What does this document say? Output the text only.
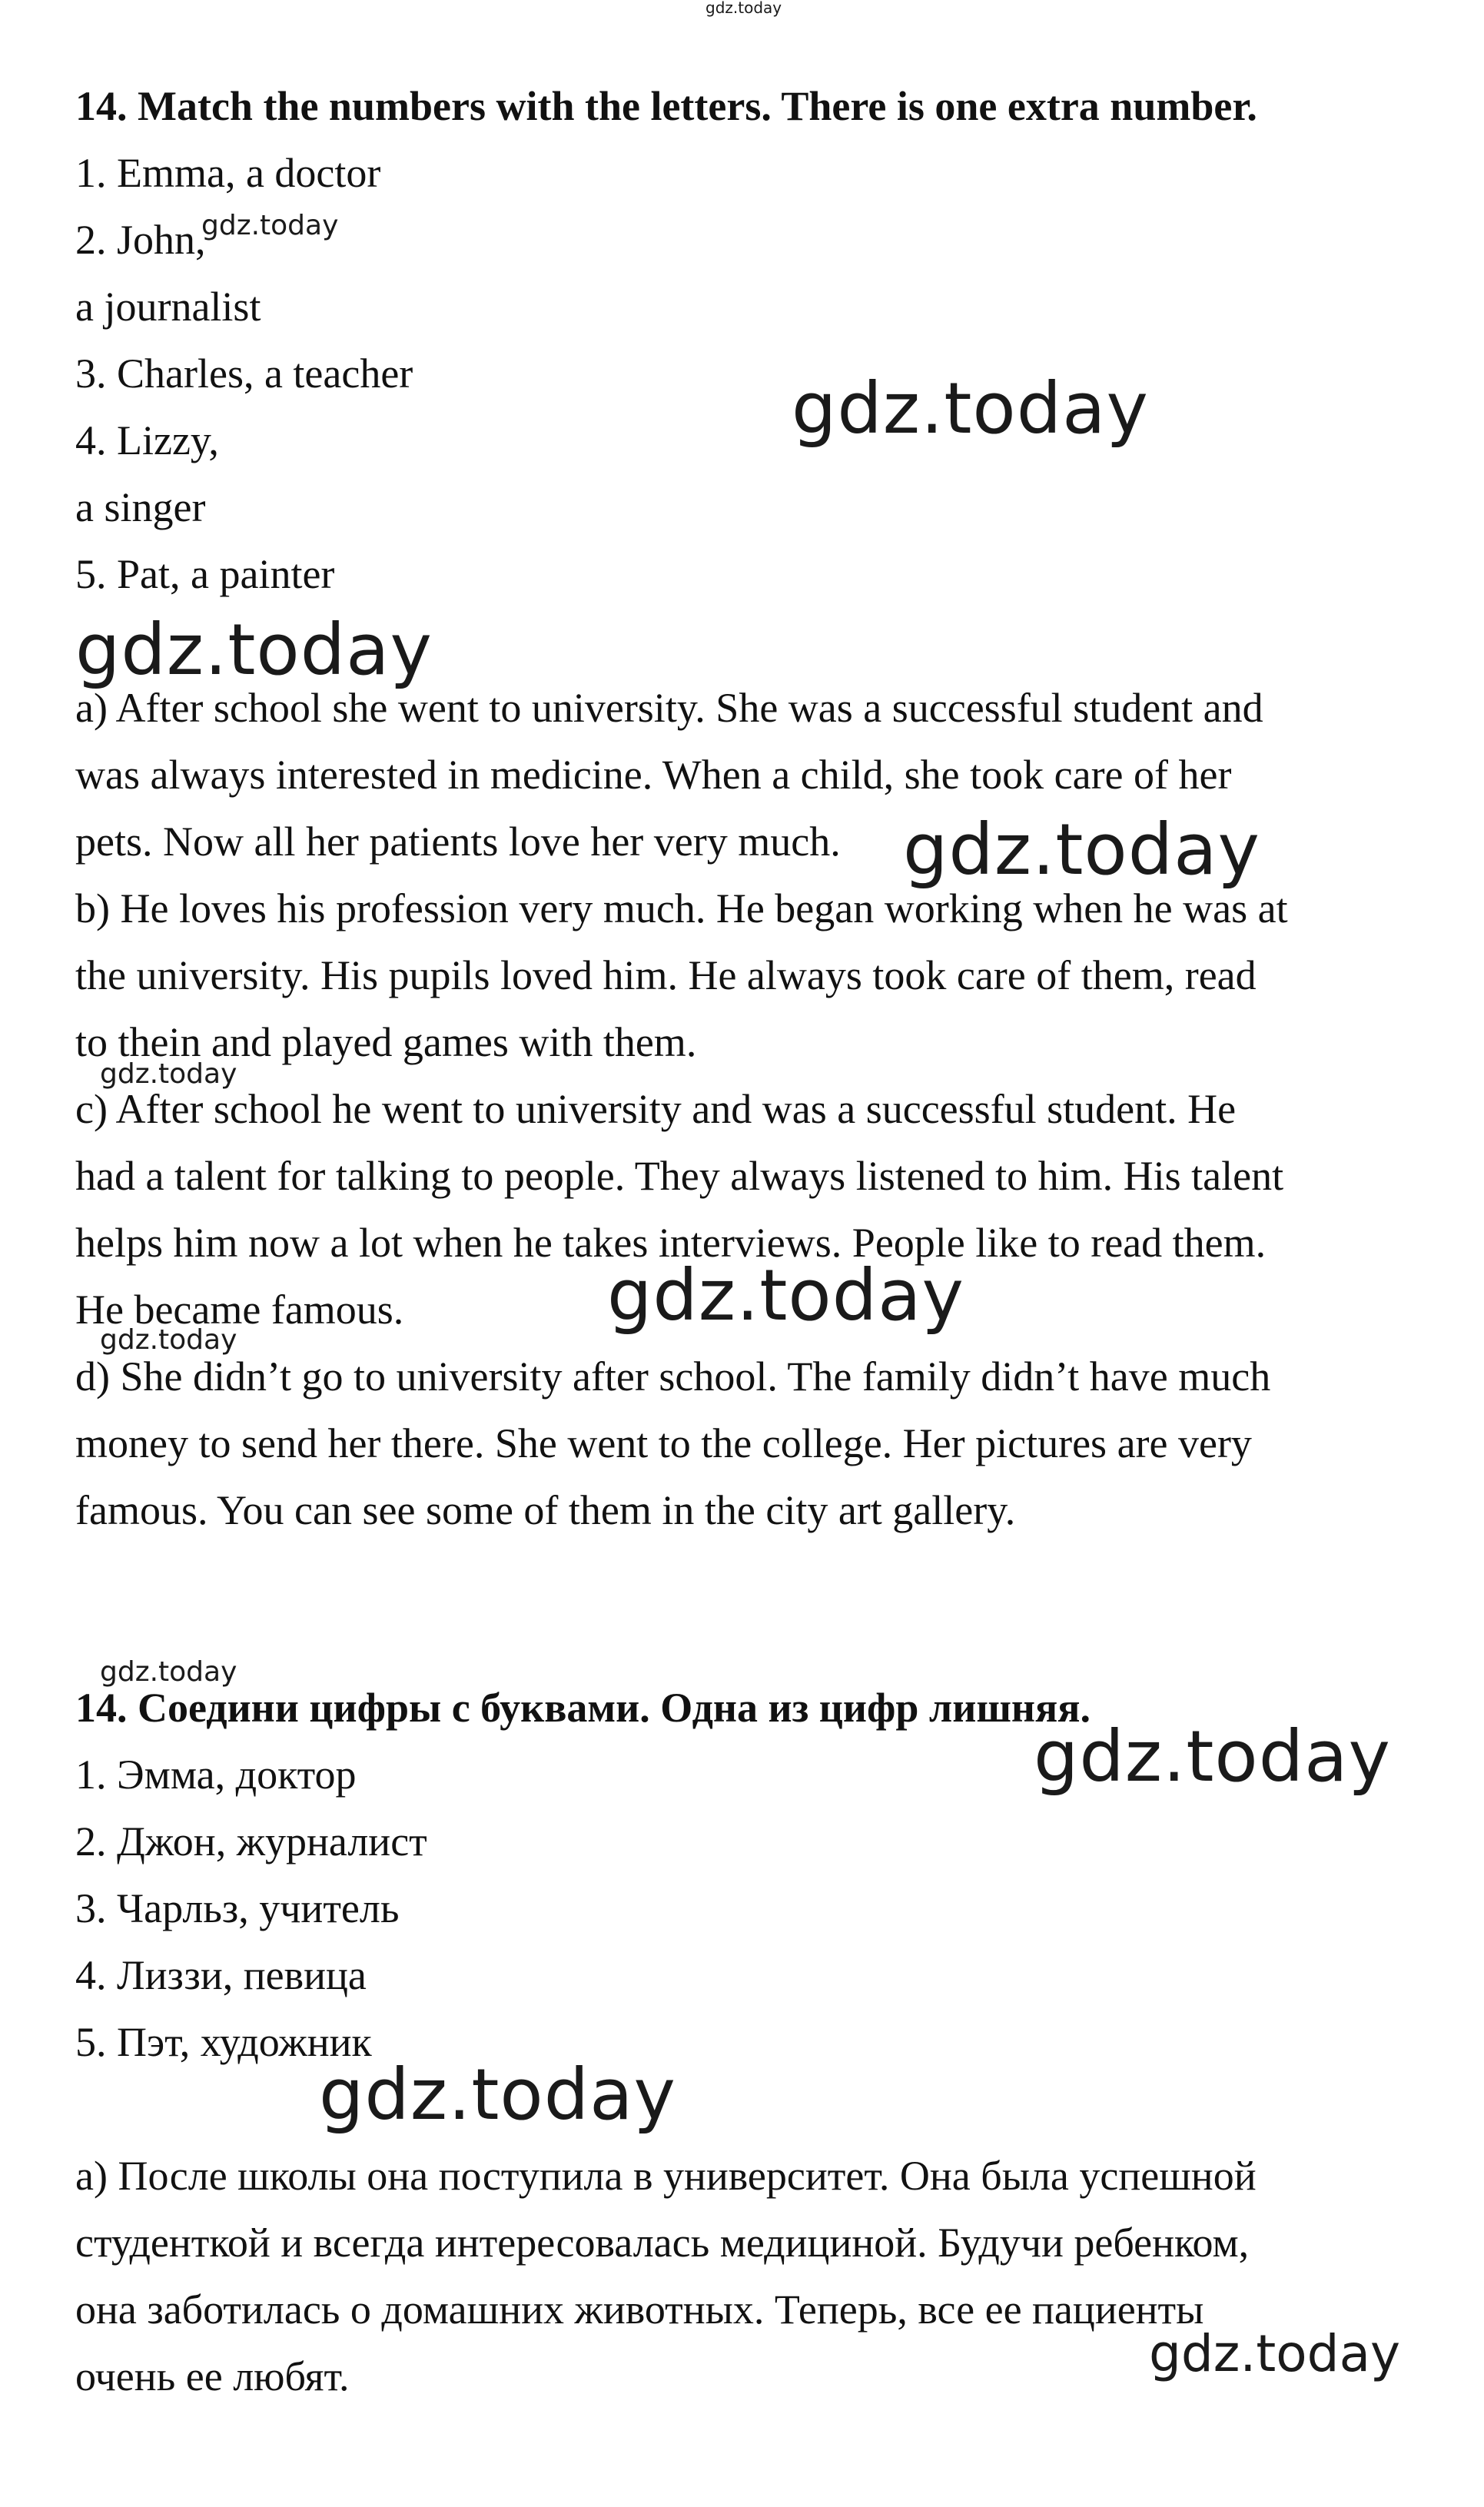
14. Match the numbers with the letters. There is one extra number.
1. Emma, a doctor
2. John,
a journalist
3. Charles, a teacher
4. Lizzy,
a singer
5. Pat, a painter
a) After school she went to university. She was a successful student and
was always interested in medicine. When a child, she took care of her
pets. Now all her patients love her very much.
b) He loves his profession very much. He began working when he was at
the university. His pupils loved him. He always took care of them, read
to thein and played games with them.
c) After school he went to university and was a successful student. He
had a talent for talking to people. They always listened to him. His talent
helps him now a lot when he takes interviews. People like to read them.
He became famous.
d) She didn’t go to university after school. The family didn’t have much
money to send her there. She went to the college. Her pictures are very
famous. You can see some of them in the city art gallery.
14. Соедини цифры с буквами. Одна из цифр лишняя.
1. Эмма, доктор
2. Джон, журналист
3. Чарльз, учитель
4. Лиззи, певица
5. Пэт, художник
а) После школы она поступила в университет. Она была успешной
студенткой и всегда интересовалась медициной. Будучи ребенком,
она заботилась о домашних животных. Теперь, все ее пациенты
очень ее любят.
gdz.today
gdz.today
gdz.today
gdz.today
gdz.today
gdz.today
gdz.today
gdz.today
gdz.today
gdz.today
gdz.today
gdz.today
